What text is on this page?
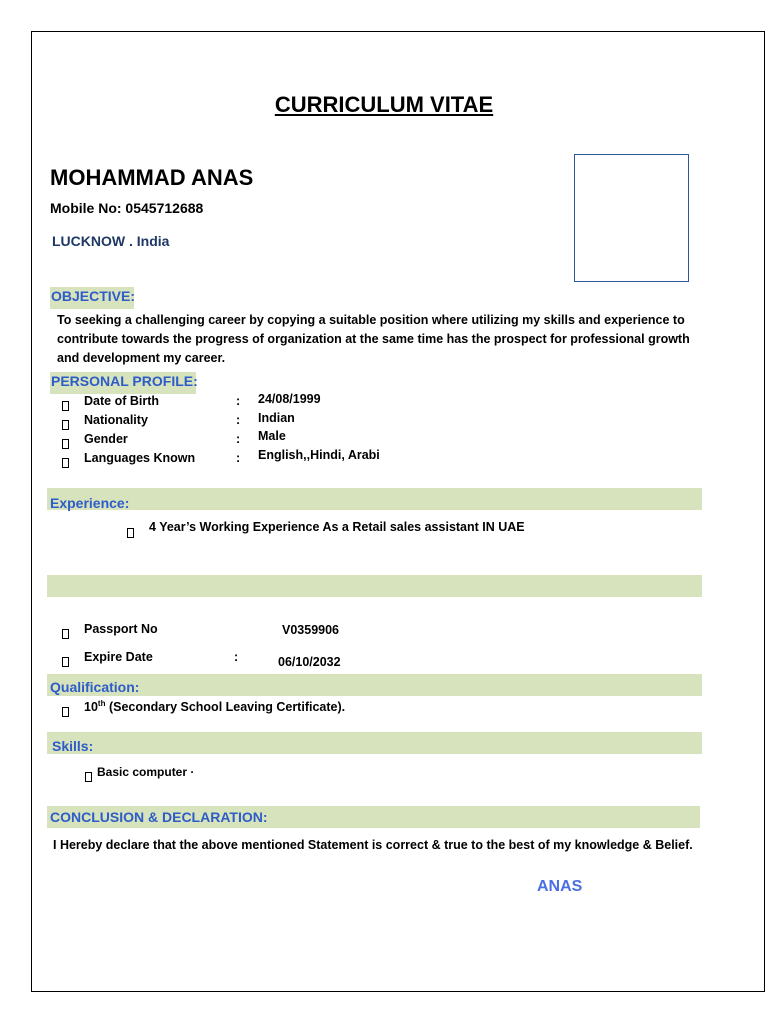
CURRICULUM VITAE
MOHAMMAD ANAS
Mobile No: 0545712688
LUCKNOW . India
OBJECTIVE:
To seeking a challenging career by copying a suitable position where utilizing my skills and experience to contribute towards the progress of organization at the same time has the prospect for professional growth and development my career.
PERSONAL PROFILE:
Date of Birth	: 24/08/1999
Nationality	: Indian
Gender	: Male
Languages Known	: English,,Hindi, Arabi
Experience:
4 Year’s Working Experience As a Retail sales assistant IN UAE
Passport No	V0359906
Expire Date	:	06/10/2032
Qualification:
10th (Secondary School Leaving Certificate).
Skills:
Basic computer ·
CONCLUSION & DECLARATION:
I Hereby declare that the above mentioned Statement is correct & true to the best of my knowledge & Belief.
ANAS
